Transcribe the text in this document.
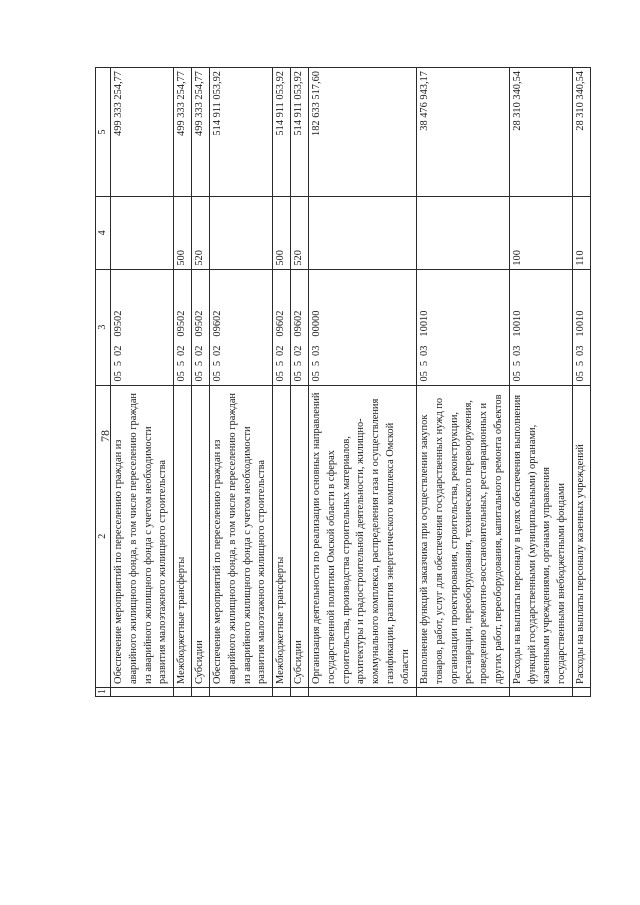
78
1	2	3	4	5
	Обеспечение мероприятий по переселению граждан из аварийного жилищного фонда, в том числе переселению граждан из аварийного жилищного фонда с учетом необходимости развития малоэтажного жилищного строительства	0550209502		499 333 254,77
	Межбюджетные трансферты	0550209502	500	499 333 254,77
	Субсидии	0550209502	520	499 333 254,77
	Обеспечение мероприятий по переселению граждан из аварийного жилищного фонда, в том числе переселению граждан из аварийного жилищного фонда с учетом необходимости развития малоэтажного жилищного строительства	0550209602		514 911 053,92
	Межбюджетные трансферты	0550209602	500	514 911 053,92
	Субсидии	0550209602	520	514 911 053,92
	Организация деятельности по реализации основных направлений государственной политики Омской области в сферах строительства, производства строительных материалов, архитектуры и градостроительной деятельности, жилищно-коммунального комплекса, распределения газа и осуществления газификации, развития энергетического комплекса Омской области	0550300000		182 633 517,60
	Выполнение функций заказчика при осуществлении закупок товаров, работ, услуг для обеспечения государственных нужд по организации проектирования, строительства, реконструкции, реставрации, переоборудования, технического перевооружения, проведению ремонтно-восстановительных, реставрационных и других работ, переоборудования, капитального ремонта объектов	0550310010		38 476 943,17
	Расходы на выплаты персоналу в целях обеспечения выполнения функций государственными (муниципальными) органами, казенными учреждениями, органами управления государственными внебюджетными фондами	0550310010	100	28 310 340,54
	Расходы на выплаты персоналу казенных учреждений	0550310010	110	28 310 340,54
